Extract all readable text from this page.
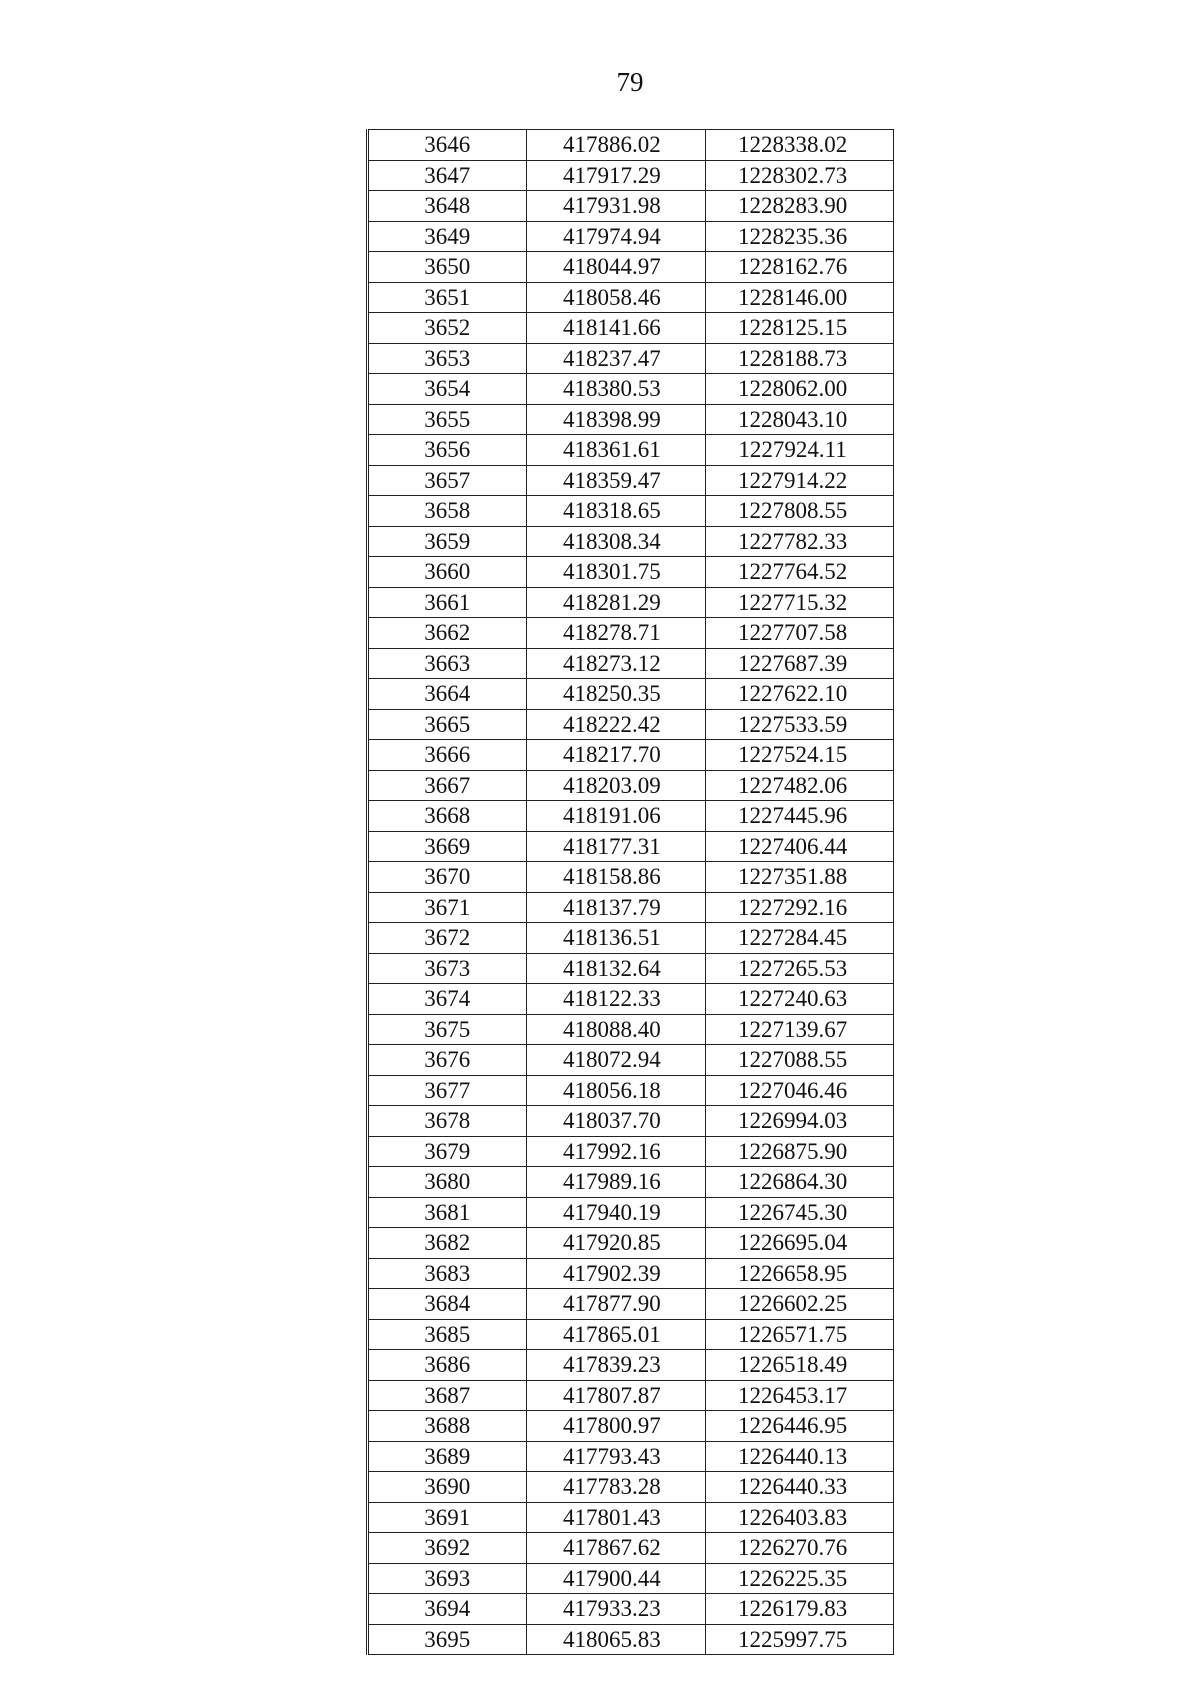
79
3646	417886.02	1228338.02
3647	417917.29	1228302.73
3648	417931.98	1228283.90
3649	417974.94	1228235.36
3650	418044.97	1228162.76
3651	418058.46	1228146.00
3652	418141.66	1228125.15
3653	418237.47	1228188.73
3654	418380.53	1228062.00
3655	418398.99	1228043.10
3656	418361.61	1227924.11
3657	418359.47	1227914.22
3658	418318.65	1227808.55
3659	418308.34	1227782.33
3660	418301.75	1227764.52
3661	418281.29	1227715.32
3662	418278.71	1227707.58
3663	418273.12	1227687.39
3664	418250.35	1227622.10
3665	418222.42	1227533.59
3666	418217.70	1227524.15
3667	418203.09	1227482.06
3668	418191.06	1227445.96
3669	418177.31	1227406.44
3670	418158.86	1227351.88
3671	418137.79	1227292.16
3672	418136.51	1227284.45
3673	418132.64	1227265.53
3674	418122.33	1227240.63
3675	418088.40	1227139.67
3676	418072.94	1227088.55
3677	418056.18	1227046.46
3678	418037.70	1226994.03
3679	417992.16	1226875.90
3680	417989.16	1226864.30
3681	417940.19	1226745.30
3682	417920.85	1226695.04
3683	417902.39	1226658.95
3684	417877.90	1226602.25
3685	417865.01	1226571.75
3686	417839.23	1226518.49
3687	417807.87	1226453.17
3688	417800.97	1226446.95
3689	417793.43	1226440.13
3690	417783.28	1226440.33
3691	417801.43	1226403.83
3692	417867.62	1226270.76
3693	417900.44	1226225.35
3694	417933.23	1226179.83
3695	418065.83	1225997.75
